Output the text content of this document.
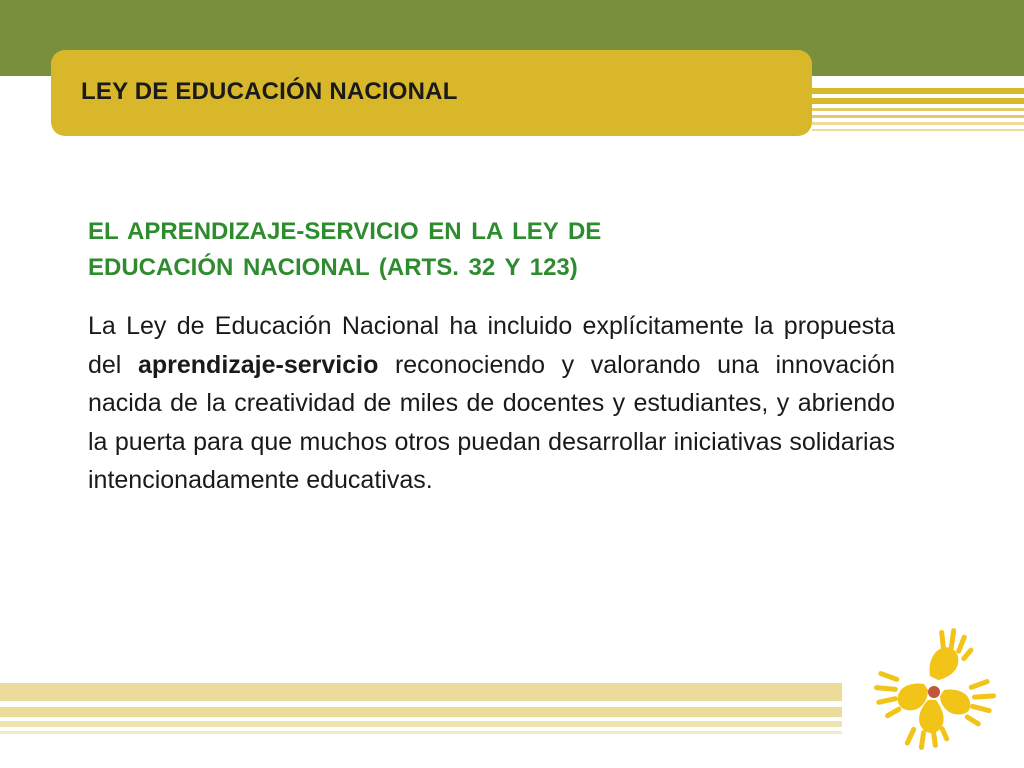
LEY DE EDUCACIÓN NACIONAL
EL APRENDIZAJE-SERVICIO EN LA LEY DE
EDUCACIÓN NACIONAL (ARTS. 32 Y 123)
La Ley de Educación Nacional ha incluido explícitamente la propuesta del aprendizaje-servicio reconociendo y valorando una innovación nacida de la creatividad de miles de docentes y estudiantes, y abriendo la puerta para que muchos otros puedan desarrollar iniciativas solidarias intencionadamente educativas.
